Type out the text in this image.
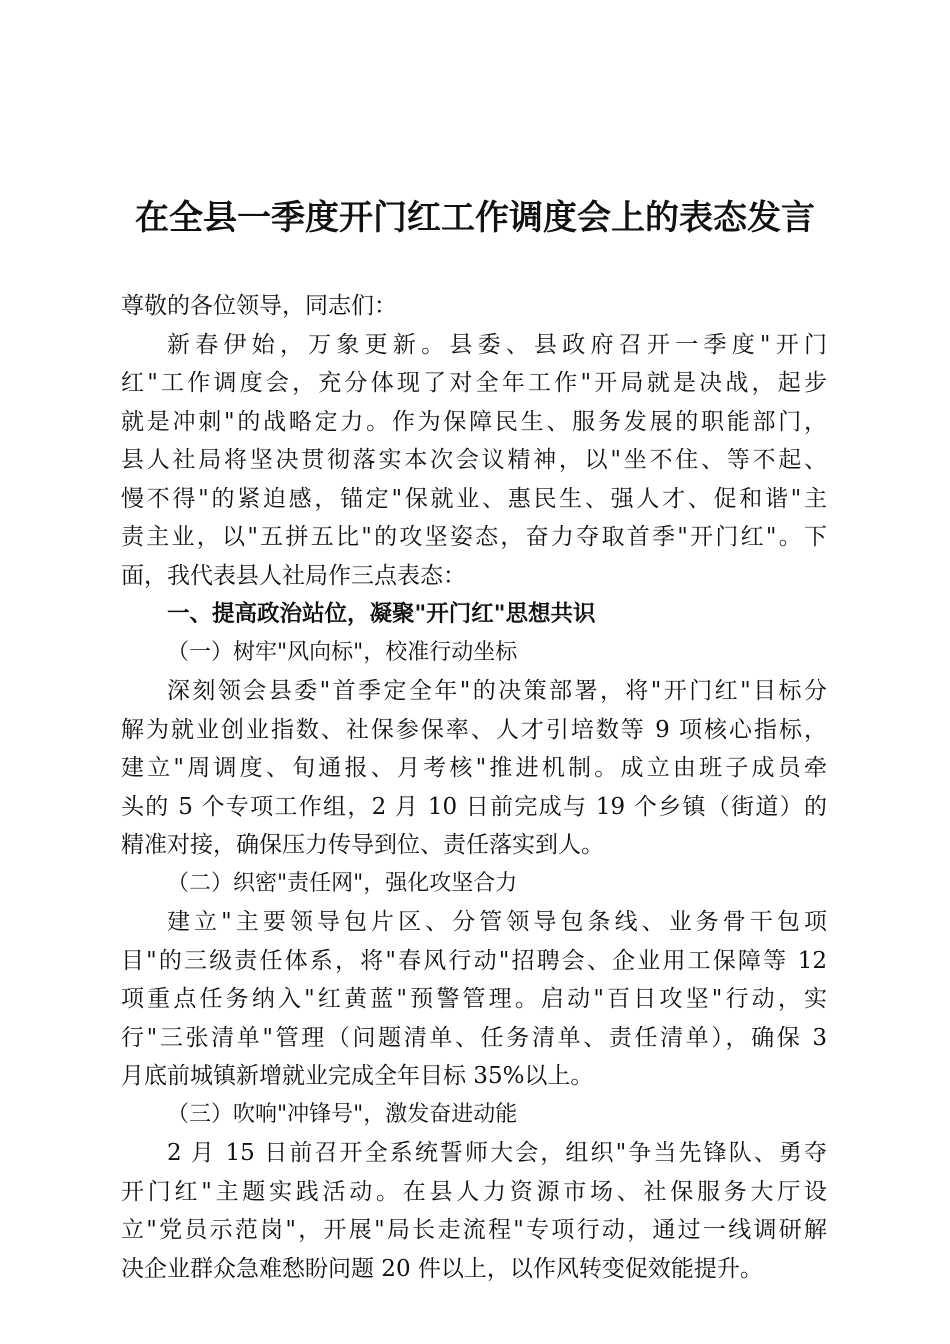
在全县一季度开门红工作调度会上的表态发言

尊敬的各位领导，同志们：

新春伊始，万象更新。县委、县政府召开一季度"开门
红"工作调度会，充分体现了对全年工作"开局就是决战，起步
就是冲刺"的战略定力。作为保障民生、服务发展的职能部门，
县人社局将坚决贯彻落实本次会议精神，以"坐不住、等不起、
慢不得"的紧迫感，锚定"保就业、惠民生、强人才、促和谐"主
责主业，以"五拼五比"的攻坚姿态，奋力夺取首季"开门红"。下
面，我代表县人社局作三点表态：

一、提高政治站位，凝聚"开门红"思想共识

（一）树牢"风向标"，校准行动坐标

深刻领会县委"首季定全年"的决策部署，将"开门红"目标分
解为就业创业指数、社保参保率、人才引培数等 9 项核心指标，
建立"周调度、旬通报、月考核"推进机制。成立由班子成员牵
头的 5 个专项工作组，2 月 10 日前完成与 19 个乡镇（街道）的
精准对接，确保压力传导到位、责任落实到人。

（二）织密"责任网"，强化攻坚合力

建立"主要领导包片区、分管领导包条线、业务骨干包项
目"的三级责任体系，将"春风行动"招聘会、企业用工保障等 12
项重点任务纳入"红黄蓝"预警管理。启动"百日攻坚"行动，实
行"三张清单"管理（问题清单、任务清单、责任清单），确保 3
月底前城镇新增就业完成全年目标 35%以上。

（三）吹响"冲锋号"，激发奋进动能

2 月 15 日前召开全系统誓师大会，组织"争当先锋队、勇夺
开门红"主题实践活动。在县人力资源市场、社保服务大厅设
立"党员示范岗"，开展"局长走流程"专项行动，通过一线调研解
决企业群众急难愁盼问题 20 件以上，以作风转变促效能提升。
